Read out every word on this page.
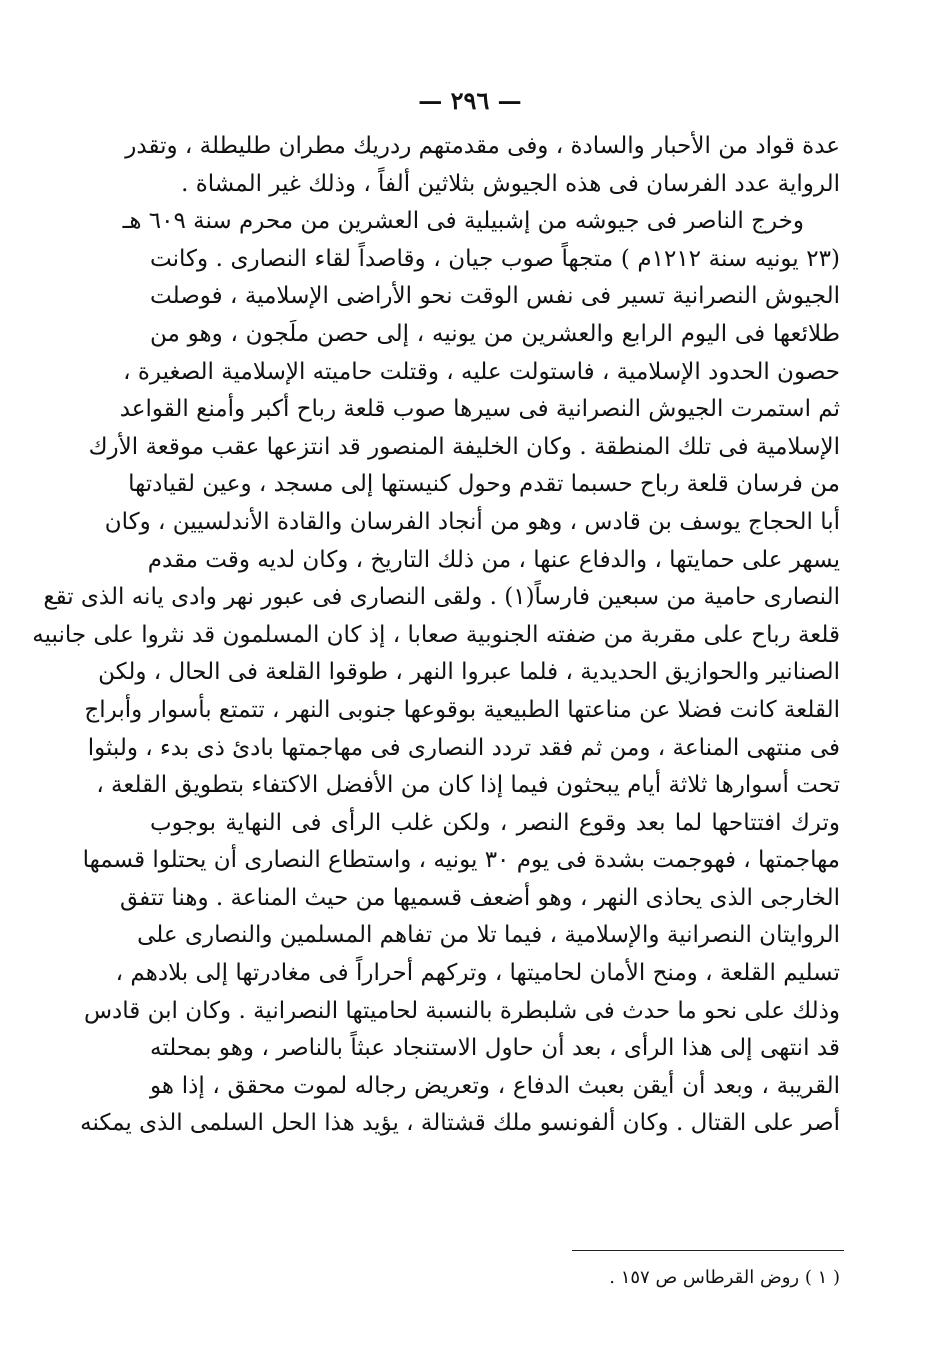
— ٢٩٦ —
عدة قواد من الأحبار والسادة ، وفى مقدمتهم ردريك مطران طليطلة ، وتقدر
الرواية عدد الفرسان فى هذه الجيوش بثلاثين ألفاً ، وذلك غير المشاة .
وخرج الناصر فى جيوشه من إشبيلية فى العشرين من محرم سنة ٦٠٩ هـ
(٢٣ يونيه سنة ١٢١٢م ) متجهاً صوب جيان ، وقاصداً لقاء النصارى . وكانت
الجيوش النصرانية تسير فى نفس الوقت نحو الأراضى الإسلامية ، فوصلت
طلائعها فى اليوم الرابع والعشرين من يونيه ، إلى حصن ملَجون ، وهو من
حصون الحدود الإسلامية ، فاستولت عليه ، وقتلت حاميته الإسلامية الصغيرة ،
ثم استمرت الجيوش النصرانية فى سيرها صوب قلعة رباح أكبر وأمنع القواعد
الإسلامية فى تلك المنطقة . وكان الخليفة المنصور قد انتزعها عقب موقعة الأرك
من فرسان قلعة رباح حسبما تقدم وحول كنيستها إلى مسجد ، وعين لقيادتها
أبا الحجاج يوسف بن قادس ، وهو من أنجاد الفرسان والقادة الأندلسيين ، وكان
يسهر على حمايتها ، والدفاع عنها ، من ذلك التاريخ ، وكان لديه وقت مقدم
النصارى حامية من سبعين فارساً(١) . ولقى النصارى فى عبور نهر وادى يانه الذى تقع
قلعة رباح على مقربة من ضفته الجنوبية صعابا ، إذ كان المسلمون قد نثروا على جانبيه
الصنانير والحوازيق الحديدية ، فلما عبروا النهر ، طوقوا القلعة فى الحال ، ولكن
القلعة كانت فضلا عن مناعتها الطبيعية بوقوعها جنوبى النهر ، تتمتع بأسوار وأبراج
فى منتهى المناعة ، ومن ثم فقد تردد النصارى فى مهاجمتها بادئ ذى بدء ، ولبثوا
تحت أسوارها ثلاثة أيام يبحثون فيما إذا كان من الأفضل الاكتفاء بتطويق القلعة ،
وترك افتتاحها لما بعد وقوع النصر ، ولكن غلب الرأى فى النهاية بوجوب
مهاجمتها ، فهوجمت بشدة فى يوم ٣٠ يونيه ، واستطاع النصارى أن يحتلوا قسمها
الخارجى الذى يحاذى النهر ، وهو أضعف قسميها من حيث المناعة . وهنا تتفق
الروايتان النصرانية والإسلامية ، فيما تلا من تفاهم المسلمين والنصارى على
تسليم القلعة ، ومنح الأمان لحاميتها ، وتركهم أحراراً فى مغادرتها إلى بلادهم ،
وذلك على نحو ما حدث فى شلبطرة بالنسبة لحاميتها النصرانية . وكان ابن قادس
قد انتهى إلى هذا الرأى ، بعد أن حاول الاستنجاد عبثاً بالناصر ، وهو بمحلته
القريبة ، وبعد أن أيقن بعبث الدفاع ، وتعريض رجاله لموت محقق ، إذا هو
أصر على القتال . وكان ألفونسو ملك قشتالة ، يؤيد هذا الحل السلمى الذى يمكنه
( ١ ) روض القرطاس ص ١٥٧ .
